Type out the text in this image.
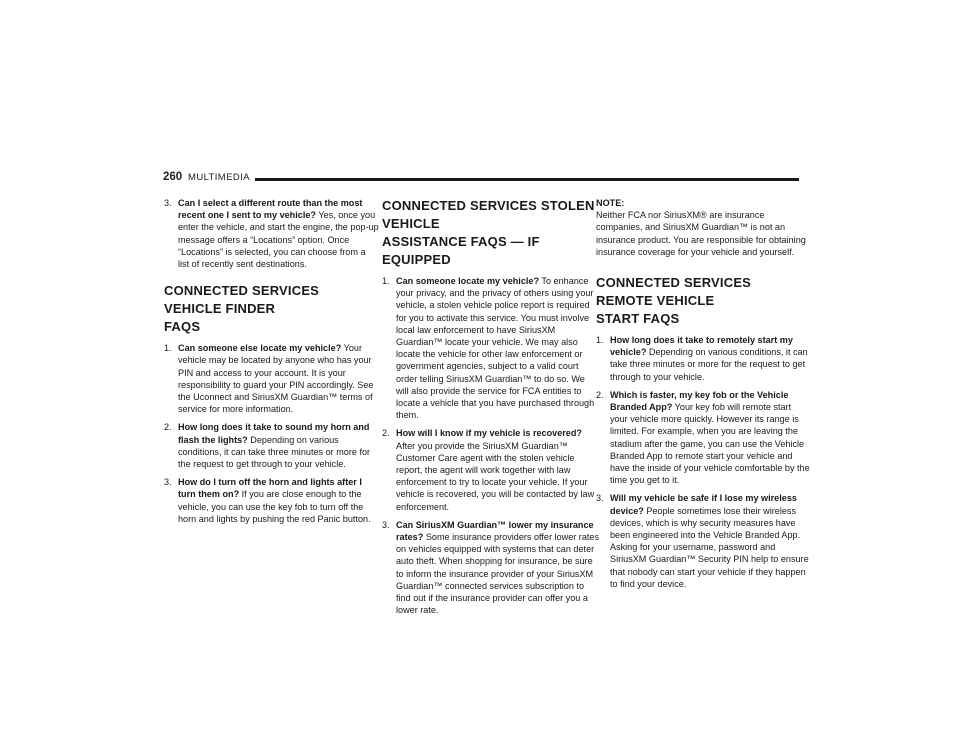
260 MULTIMEDIA
3. Can I select a different route than the most recent one I sent to my vehicle? Yes, once you enter the vehicle, and start the engine, the pop-up message offers a “Locations” option. Once “Locations” is selected, you can choose from a list of recently sent destinations.
CONNECTED SERVICES VEHICLE FINDER
FAQS
1. Can someone else locate my vehicle? Your vehicle may be located by anyone who has your PIN and access to your account. It is your responsibility to guard your PIN accordingly. See the Uconnect and SiriusXM Guardian™ terms of service for more information.
2. How long does it take to sound my horn and flash the lights? Depending on various conditions, it can take three minutes or more for the request to get through to your vehicle.
3. How do I turn off the horn and lights after I turn them on? If you are close enough to the vehicle, you can use the key fob to turn off the horn and lights by pushing the red Panic button.
CONNECTED SERVICES STOLEN VEHICLE
ASSISTANCE FAQS — IF EQUIPPED
1. Can someone locate my vehicle? To enhance your privacy, and the privacy of others using your vehicle, a stolen vehicle police report is required for you to activate this service. You must involve local law enforcement to have SiriusXM Guardian™ locate your vehicle. We may also locate the vehicle for other law enforcement or government agencies, subject to a valid court order telling SiriusXM Guardian™ to do so. We will also provide the service for FCA entities to locate a vehicle that you have purchased through them.
2. How will I know if my vehicle is recovered? After you provide the SiriusXM Guardian™ Customer Care agent with the stolen vehicle report, the agent will work together with law enforcement to try to locate your vehicle. If your vehicle is recovered, you will be contacted by law enforcement.
3. Can SiriusXM Guardian™ lower my insurance rates? Some insurance providers offer lower rates on vehicles equipped with systems that can deter auto theft. When shopping for insurance, be sure to inform the insurance provider of your SiriusXM Guardian™ connected services subscription to find out if the insurance provider can offer you a lower rate.
NOTE:
Neither FCA nor SiriusXM® are insurance companies, and SiriusXM Guardian™ is not an insurance product. You are responsible for obtaining insurance coverage for your vehicle and yourself.
CONNECTED SERVICES REMOTE VEHICLE
START FAQS
1. How long does it take to remotely start my vehicle? Depending on various conditions, it can take three minutes or more for the request to get through to your vehicle.
2. Which is faster, my key fob or the Vehicle Branded App? Your key fob will remote start your vehicle more quickly. However its range is limited. For example, when you are leaving the stadium after the game, you can use the Vehicle Branded App to remote start your vehicle and have the inside of your vehicle comfortable by the time you get to it.
3. Will my vehicle be safe if I lose my wireless device? People sometimes lose their wireless devices, which is why security measures have been engineered into the Vehicle Branded App. Asking for your username, password and SiriusXM Guardian™ Security PIN help to ensure that nobody can start your vehicle if they happen to find your device.
